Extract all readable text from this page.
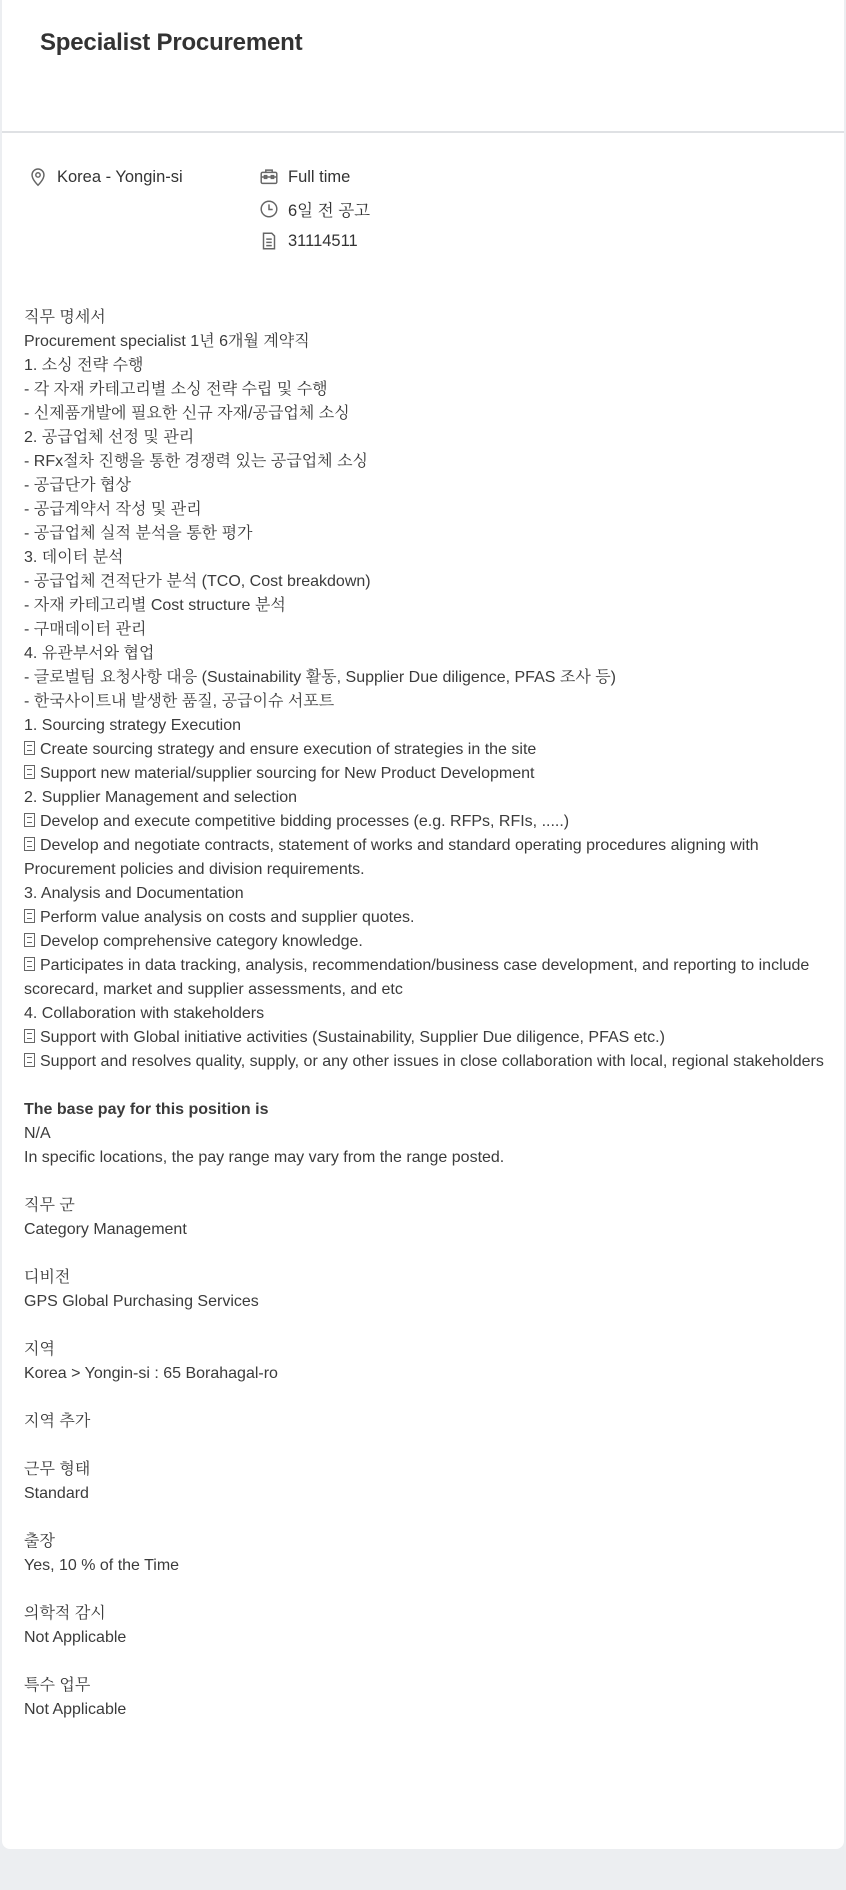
Specialist Procurement
Korea - Yongin-si	Full time
6일 전 공고
31114511

직무 명세서

Procurement specialist 1년 6개월 계약직

1. 소싱 전략 수행

- 각 자재 카테고리별 소싱 전략 수립 및 수행

- 신제품개발에 필요한 신규 자재/공급업체 소싱

2. 공급업체 선정 및 관리

- RFx절차 진행을 통한 경쟁력 있는 공급업체 소싱

- 공급단가 협상

- 공급계약서 작성 및 관리

- 공급업체 실적 분석을 통한 평가

3. 데이터 분석

- 공급업체 견적단가 분석 (TCO, Cost breakdown)

- 자재 카테고리별 Cost structure 분석

- 구매데이터 관리

4. 유관부서와 협업

- 글로벌팀 요청사항 대응 (Sustainability 활동, Supplier Due diligence, PFAS 조사 등)

- 한국사이트내 발생한 품질, 공급이슈 서포트

1. Sourcing strategy Execution

Create sourcing strategy and ensure execution of strategies in the site

Support new material/supplier sourcing for New Product Development

2. Supplier Management and selection

Develop and execute competitive bidding processes (e.g. RFPs, RFIs, .....)

Develop and negotiate contracts, statement of works and standard operating procedures aligning with Procurement policies and division requirements.

3. Analysis and Documentation

Perform value analysis on costs and supplier quotes.

Develop comprehensive category knowledge.

Participates in data tracking, analysis, recommendation/business case development, and reporting to include scorecard, market and supplier assessments, and etc

4. Collaboration with stakeholders

Support with Global initiative activities (Sustainability, Supplier Due diligence, PFAS etc.)

Support and resolves quality, supply, or any other issues in close collaboration with local, regional stakeholders

The base pay for this position is

N/A

In specific locations, the pay range may vary from the range posted.

직무 군

Category Management

디비전

GPS Global Purchasing Services

지역

Korea > Yongin-si : 65 Borahagal-ro

지역 추가

근무 형태

Standard

출장

Yes, 10 % of the Time

의학적 감시

Not Applicable

특수 업무

Not Applicable
